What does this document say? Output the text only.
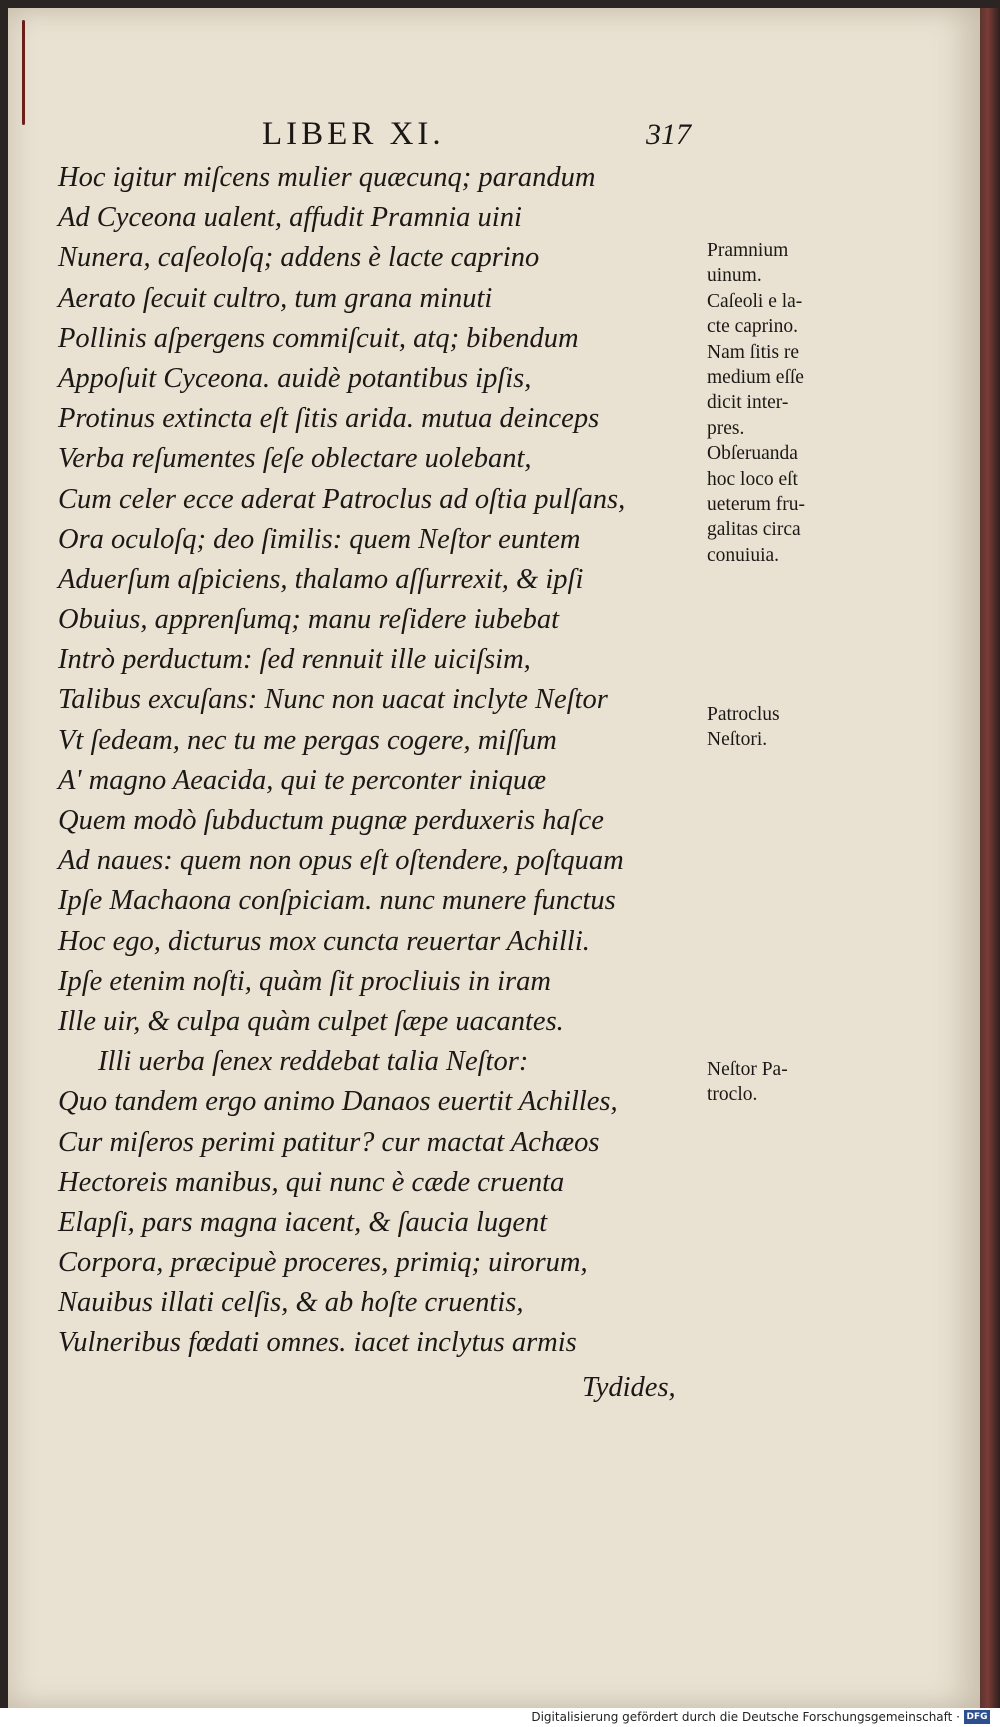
LIBER XI.	317
Hoc igitur miſcens mulier quæcunq; parandum
Ad Cyceona ualent, affudit Pramnia uini
Nunera, caſeoloſq; addens è lacte caprino
Aerato ſecuit cultro, tum grana minuti
Pollinis aſpergens commiſcuit, atq; bibendum
Appoſuit Cyceona. auidè potantibus ipſis,
Protinus extincta eſt ſitis arida. mutua deinceps
Verba reſumentes ſeſe oblectare uolebant,
Cum celer ecce aderat Patroclus ad oſtia pulſans,
Ora oculoſq; deo ſimilis: quem Neſtor euntem
Aduerſum aſpiciens, thalamo aſſurrexit, & ipſi
Obuius, apprenſumq; manu reſidere iubebat
Intrò perductum: ſed rennuit ille uiciſsim,
Talibus excuſans: Nunc non uacat inclyte Neſtor
Vt ſedeam, nec tu me pergas cogere, miſſum
A' magno Aeacida, qui te perconter iniquæ
Quem modò ſubductum pugnæ perduxeris haſce
Ad naues: quem non opus eſt oſtendere, poſtquam
Ipſe Machaona conſpiciam. nunc munere functus
Hoc ego, dicturus mox cuncta reuertar Achilli.
Ipſe etenim noſti, quàm ſit procliuis in iram
Ille uir, & culpa quàm culpet ſæpe uacantes.
Illi uerba ſenex reddebat talia Neſtor:
Quo tandem ergo animo Danaos euertit Achilles,
Cur miſeros perimi patitur? cur mactat Achæos
Hectoreis manibus, qui nunc è cæde cruenta
Elapſi, pars magna iacent, & ſaucia lugent
Corpora, præcipuè proceres, primiq; uirorum,
Nauibus illati celſis, & ab hoſte cruentis,
Vulneribus fœdati omnes. iacet inclytus armis
Tydides,
Pramnium
uinum.
Caſeoli e la-
cte caprino.
Nam ſitis re
medium eſſe
dicit inter-
pres.
Obſeruanda
hoc loco eſt
ueterum fru-
galitas circa
conuiuia.
Patroclus
Neſtori.
Neſtor Pa-
troclo.
Digitalisierung gefördert durch die Deutsche Forschungsgemeinschaft · DFG
